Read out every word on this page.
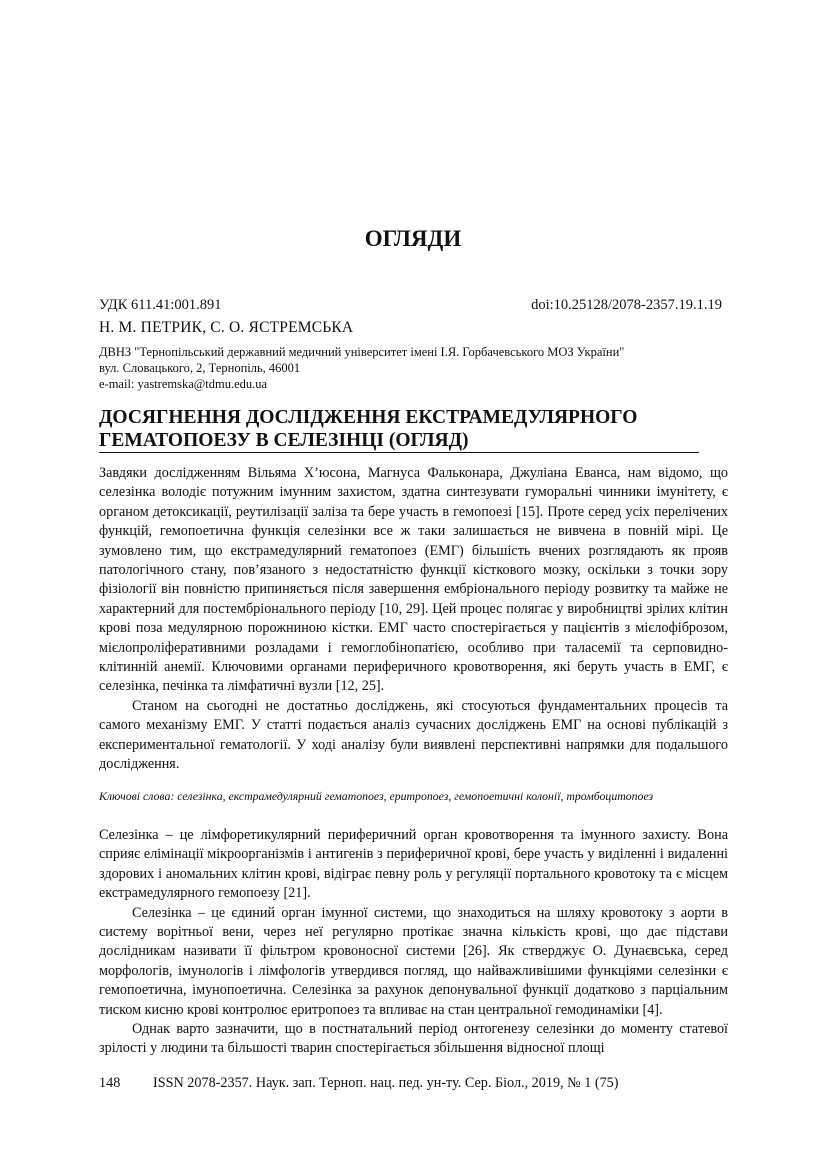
ОГЛЯДИ
УДК 611.41:001.891	doi:10.25128/2078-2357.19.1.19
Н. М. ПЕТРИК, С. О. ЯСТРЕМСЬКА
ДВНЗ "Тернопільський державний медичний університет імені І.Я. Горбачевського МОЗ України"
вул. Словацького, 2, Тернопіль, 46001
e-mail: yastremska@tdmu.edu.ua
ДОСЯГНЕННЯ ДОСЛІДЖЕННЯ ЕКСТРАМЕДУЛЯРНОГО
ГЕМАТОПОЕЗУ В СЕЛЕЗІНЦІ (ОГЛЯД)

Завдяки дослідженням Вільяма Х’юсона, Магнуса Фальконара, Джуліана Еванса, нам відомо, що селезінка володіє потужним імунним захистом, здатна синтезувати гуморальні чинники імунітету, є органом детоксикації, реутилізації заліза та бере участь в гемопоезі [15]. Проте серед усіх перелічених функцій, гемопоетична функція селезінки все ж таки залишається не вивчена в повній мірі. Це зумовлено тим, що екстрамедулярний гематопоез (ЕМГ) більшість вчених розглядають як прояв патологічного стану, пов’язаного з недостатністю функції кісткового мозку, оскільки з точки зору фізіології він повністю припиняється після завершення ембріонального періоду розвитку та майже не характерний для постембріонального періоду [10, 29]. Цей процес полягає у виробництві зрілих клітин крові поза медулярною порожниною кістки. ЕМГ часто спостерігається у пацієнтів з мієлофіброзом, мієлопроліферативними розладами і гемоглобінопатією, особливо при таласемії та серповидно-клітинній анемії. Ключовими органами периферичного кровотворення, які беруть участь в ЕМГ, є селезінка, печінка та лімфатичні вузли [12, 25].

Станом на сьогодні не достатньо досліджень, які стосуються фундаментальних процесів та самого механізму ЕМГ. У статті подається аналіз сучасних досліджень ЕМГ на основі публікацій з експериментальної гематології. У ході аналізу були виявлені перспективні напрямки для подальшого дослідження.

Ключові слова: селезінка, екстрамедулярний гематопоез, еритропоез, гемопоетичні колонії, тромбоцитопоез

Селезінка – це лімфоретикулярний периферичний орган кровотворення та імунного захисту. Вона сприяє елімінації мікроорганізмів і антигенів з периферичної крові, бере участь у виділенні і видаленні здорових і аномальних клітин крові, відіграє певну роль у регуляції портального кровотоку та є місцем екстрамедулярного гемопоезу [21].

Селезінка – це єдиний орган імунної системи, що знаходиться на шляху кровотоку з аорти в систему ворітньої вени, через неї регулярно протікає значна кількість крові, що дає підстави дослідникам називати її фільтром кровоносної системи [26]. Як стверджує О. Дунаєвська, серед морфологів, імунологів і лімфологів утвердився погляд, що найважливішими функціями селезінки є гемопоетична, імунопоетична. Селезінка за рахунок депонувальної функції додатково з парціальним тиском кисню крові контролює еритропоез та впливає на стан центральної гемодинаміки [4].

Однак варто зазначити, що в постнатальний період онтогенезу селезінки до моменту статевої зрілості у людини та більшості тварин спостерігається збільшення відносної площі

148 ISSN 2078-2357. Наук. зап. Терноп. нац. пед. ун-ту. Сер. Біол., 2019, № 1 (75)
